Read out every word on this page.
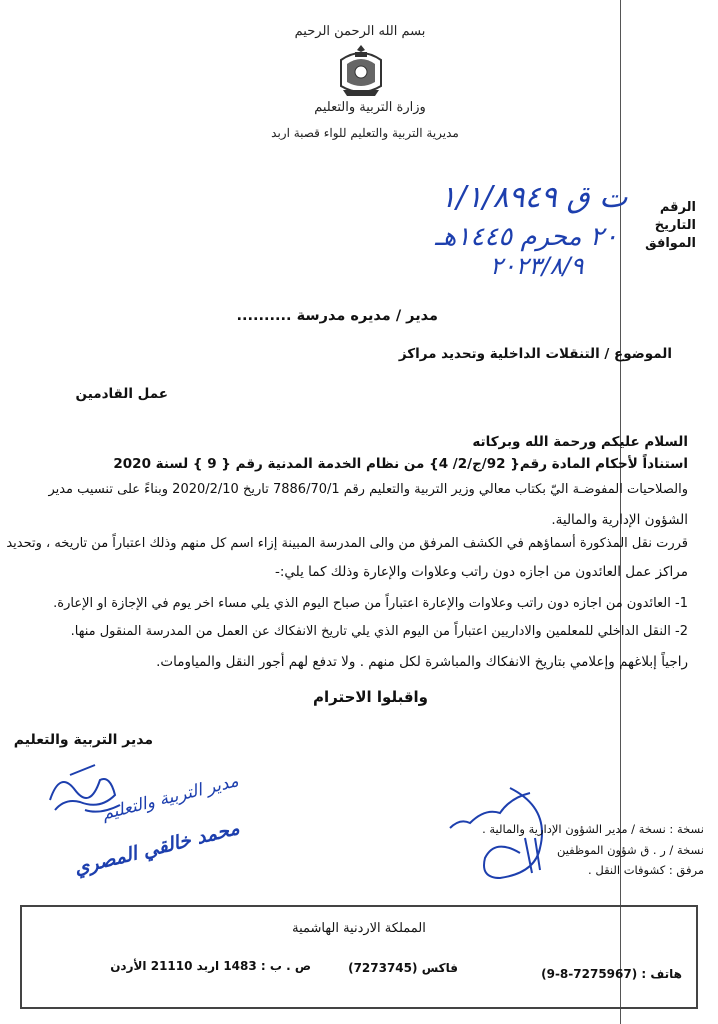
بسم الله الرحمن الرحيم
وزارة التربية والتعليم
مديرية التربية والتعليم للواء قصبة اربد
الرقم
التاريخ
الموافق
ت ق ١/١/٨٩٤٩
٢٠ محرم ١٤٤٥هـ
٢٠٢٣/٨/٩
مدير / مديره مدرسة ..........
الموضوع / التنقلات الداخلية وتحديد مراكز
عمل القادمين
السلام عليكم ورحمة الله وبركاته
استناداً لأحكام المادة رقم{ 92/ج/2/ 4} من نظام الخدمة المدنية رقم { 9 } لسنة 2020
والصلاحيات المفوضـة اليّ بكتاب معالي وزير التربية والتعليم رقم 7886/70/1 تاريخ 2020/2/10 وبناءً على تنسيب مدير
الشؤون الإدارية والمالية.
قررت نقل المذكورة أسماؤهم في الكشف المرفق من والى المدرسة المبينة إزاء اسم كل منهم وذلك اعتباراً من تاريخه ، وتحديد
مراكز عمل العائدون من اجازه دون راتب وعلاوات والإعارة وذلك كما يلي:-
1- العائدون من اجازه دون راتب وعلاوات والإعارة اعتباراً من صباح اليوم الذي يلي مساء اخر يوم في الإجازة او الإعارة.
2- النقل الداخلي للمعلمين والاداريين اعتباراً من اليوم الذي يلي تاريخ الانفكاك عن العمل من المدرسة المنقول منها.
راجياً إبلاغهم وإعلامي بتاريخ الانفكاك والمباشرة لكل منهم . ولا تدفع لهم أجور النقل والمياومات.
واقبلوا الاحترام
مدير التربية والتعليم
مدير التربية والتعليم
محمد خالقي المصري	نسخة : نسخة / مدير الشؤون الإدارية والمالية .
نسخة / ر . ق شؤون الموظفين
مرفق : كشوفات النقل .
المملكة الاردنية الهاشمية
هاتف : (7275967-8-9)
فاكس (7273745)
ص . ب : 1483 اربد 21110 الأردن
